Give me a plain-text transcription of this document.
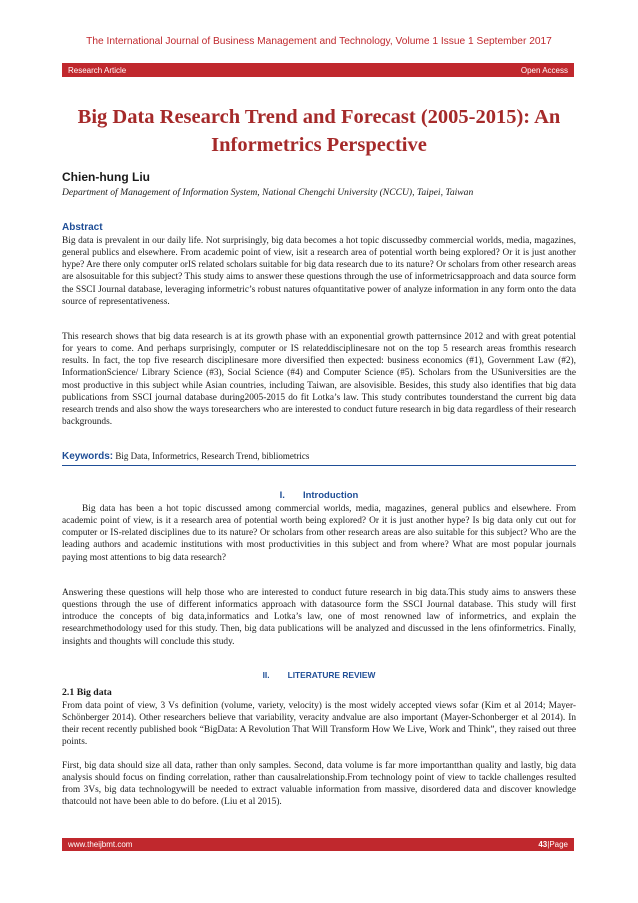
The International Journal of Business Management and Technology, Volume 1 Issue 1 September 2017
Research Article	Open Access
Big Data Research Trend and Forecast (2005-2015): An Informetrics Perspective
Chien-hung Liu
Department of Management of Information System, National Chengchi University (NCCU), Taipei, Taiwan
Abstract

Big data is prevalent in our daily life. Not surprisingly, big data becomes a hot topic discussedby commercial worlds, media, magazines, general publics and elsewhere. From academic point of view, isit a research area of potential worth being explored? Or it is just another hype? Are there only computer orIS related scholars suitable for big data research due to its nature? Or scholars from other research areas are alsosuitable for this subject? This study aims to answer these questions through the use of informetricsapproach and data source form the SSCI Journal database, leveraging informetric’s robust natures ofquantitative power of analyze information in any form onto the data source of representativeness.

This research shows that big data research is at its growth phase with an exponential growth patternsince 2012 and with great potential for years to come. And perhaps surprisingly, computer or IS relateddisciplinesare not on the top 5 research areas fromthis research results. In fact, the top five research disciplinesare more diversified then expected: business economics (#1), Government Law (#2), InformationScience/ Library Science (#3), Social Science (#4) and Computer Science (#5). Scholars from the USuniversities are the most productive in this subject while Asian countries, including Taiwan, are alsovisible. Besides, this study also identifies that big data publications from SSCI journal database during2005-2015 do fit Lotka’s law. This study contributes tounderstand the current big data research trends and also show the ways toresearchers who are interested to conduct future research in big data regardless of their research backgrounds.

Keywords: Big Data, Informetrics, Research Trend, bibliometrics
I. Introduction

Big data has been a hot topic discussed among commercial worlds, media, magazines, general publics and elsewhere. From academic point of view, is it a research area of potential worth being explored? Or it is just another hype? Is big data only cut out for computer or IS-related disciplines due to its nature? Or scholars from other research areas are also suitable for this subject? Who are the leading authors and academic institutions with most productivities in this subject and from where? What are most popular journals paying most attentions to big data research?

Answering these questions will help those who are interested to conduct future research in big data.This study aims to answers these questions through the use of different informatics approach with datasource form the SSCI Journal database. This study will first introduce the concepts of big data,informatics and Lotka’s law, one of most renowned law of informetrics, and explain the researchmethodology used for this study. Then, big data publications will be analyzed and discussed in the lens ofinformetrics. Finally, insights and thoughts will conclude this study.

II. LITERATURE REVIEW
2.1 Big data

From data point of view, 3 Vs definition (volume, variety, velocity) is the most widely accepted views sofar (Kim et al 2014; Mayer-Schönberger 2014). Other researchers believe that variability, veracity andvalue are also important (Mayer-Schonberger et al 2014). In their recent recently published book “BigData: A Revolution That Will Transform How We Live, Work and Think”, they raised out three points.

First, big data should size all data, rather than only samples. Second, data volume is far more importantthan quality and lastly, big data analysis should focus on finding correlation, rather than causalrelationship.From technology point of view to tackle challenges resulted from 3Vs, big data technologywill be needed to extract valuable information from massive, disordered data and discover knowledge thatcould not have been able to do before. (Liu et al 2015).

www.theijbmt.com	43|Page
